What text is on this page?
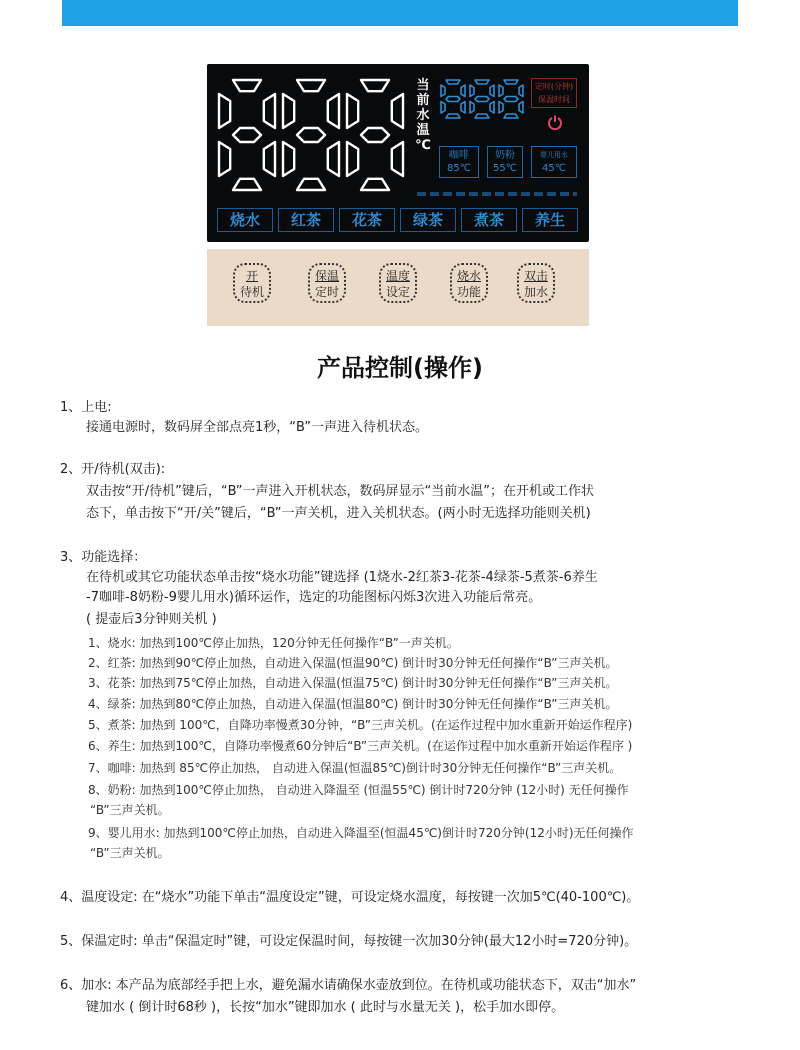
当
前
水
温
℃
定时(分钟)
保温时间
咖啡
85℃
奶粉
55℃
婴儿用水
45℃
烧水	红茶	花茶	绿茶	煮茶	养生
开
待机
保温
定时
温度
设定
烧水
功能
双击
加水
产品控制(操作)
1、上电:
接通电源时，数码屏全部点亮1秒，“B”一声进入待机状态。
2、开/待机(双击):
双击按“开/待机”键后，“B”一声进入开机状态，数码屏显示“当前水温”；在开机或工作状
态下，单击按下“开/关”键后，“B”一声关机，进入关机状态。(两小时无选择功能则关机)
3、功能选择：
在待机或其它功能状态单击按“烧水功能”键选择 (1烧水-2红茶3-花茶-4绿茶-5煮茶-6养生
-7咖啡-8奶粉-9婴儿用水)循环运作，选定的功能图标闪烁3次进入功能后常亮。
( 提壶后3分钟则关机 )
1、烧水: 加热到100℃停止加热，120分钟无任何操作“B”一声关机。
2、红茶: 加热到90℃停止加热，自动进入保温(恒温90℃) 倒计时30分钟无任何操作“B”三声关机。
3、花茶: 加热到75℃停止加热，自动进入保温(恒温75℃) 倒计时30分钟无任何操作“B”三声关机。
4、绿茶: 加热到80℃停止加热，自动进入保温(恒温80℃) 倒计时30分钟无任何操作“B”三声关机。
5、煮茶: 加热到 100℃，自降功率慢煮30分钟，“B”三声关机。(在运作过程中加水重新开始运作程序)
6、养生: 加热到100℃，自降功率慢煮60分钟后“B”三声关机。(在运作过程中加水重新开始运作程序 )
7、咖啡: 加热到 85℃停止加热， 自动进入保温(恒温85℃)倒计时30分钟无任何操作“B”三声关机。
8、奶粉: 加热到100℃停止加热， 自动进入降温至 (恒温55℃) 倒计时720分钟 (12小时) 无任何操作
“B”三声关机。
9、婴儿用水: 加热到100℃停止加热，自动进入降温至(恒温45℃)倒计时720分钟(12小时)无任何操作
“B”三声关机。
4、温度设定: 在“烧水”功能下单击“温度设定”键，可设定烧水温度，每按键一次加5℃(40-100℃)。
5、保温定时: 单击“保温定时”键，可设定保温时间，每按键一次加30分钟(最大12小时=720分钟)。
6、加水: 本产品为底部经手把上水，避免漏水请确保水壶放到位。在待机或功能状态下，双击“加水”
键加水 ( 倒计时68秒 )，长按“加水”键即加水 ( 此时与水量无关 )，松手加水即停。
